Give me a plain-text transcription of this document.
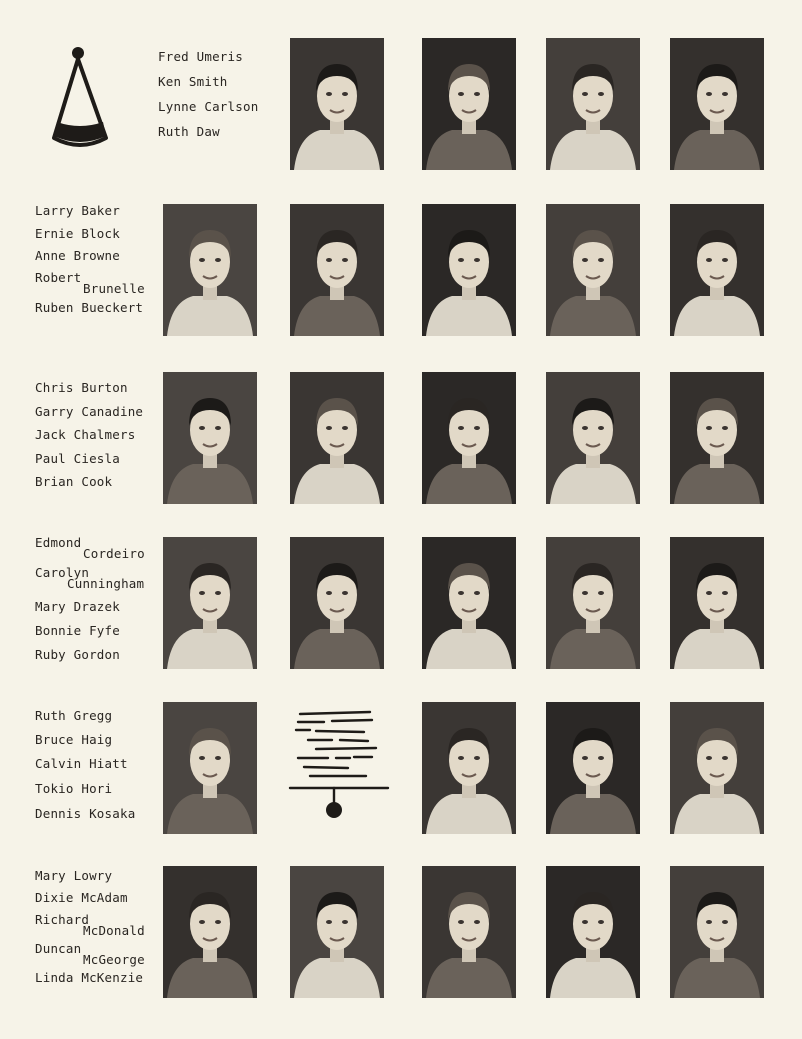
Fred Umeris
Ken Smith
Lynne Carlson
Ruth Daw
Larry Baker
Ernie Block
Anne Browne
Robert
Brunelle
Ruben Bueckert
Chris Burton
Garry Canadine
Jack Chalmers
Paul Ciesla
Brian Cook
Edmond
Cordeiro
Carolyn
Cunningham
Mary Drazek
Bonnie Fyfe
Ruby Gordon
Ruth Gregg
Bruce Haig
Calvin Hiatt
Tokio Hori
Dennis Kosaka
Mary Lowry
Dixie McAdam
Richard
McDonald
Duncan
McGeorge
Linda McKenzie
